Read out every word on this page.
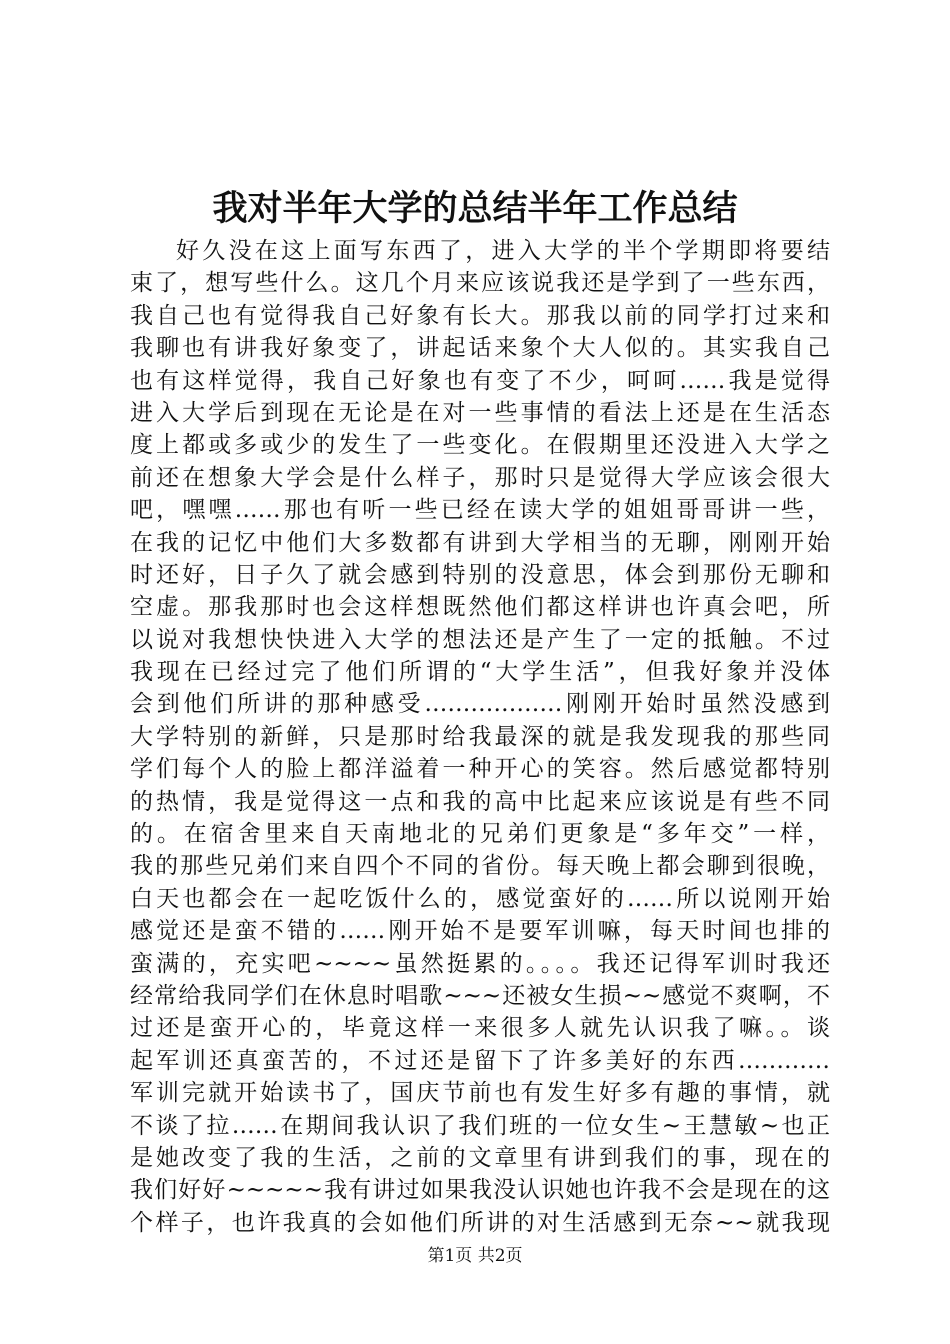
我对半年大学的总结半年工作总结
好久没在这上面写东西了，进入大学的半个学期即将要结
束了，想写些什么。这几个月来应该说我还是学到了一些东西，
我自己也有觉得我自己好象有长大。那我以前的同学打过来和
我聊也有讲我好象变了，讲起话来象个大人似的。其实我自己
也有这样觉得，我自己好象也有变了不少，呵呵……我是觉得
进入大学后到现在无论是在对一些事情的看法上还是在生活态
度上都或多或少的发生了一些变化。在假期里还没进入大学之
前还在想象大学会是什么样子，那时只是觉得大学应该会很大
吧，嘿嘿……那也有听一些已经在读大学的姐姐哥哥讲一些，
在我的记忆中他们大多数都有讲到大学相当的无聊，刚刚开始
时还好，日子久了就会感到特别的没意思，体会到那份无聊和
空虚。那我那时也会这样想既然他们都这样讲也许真会吧，所
以说对我想快快进入大学的想法还是产生了一定的抵触。不过
我现在已经过完了他们所谓的“大学生活”，但我好象并没体
会到他们所讲的那种感受………………刚刚开始时虽然没感到
大学特别的新鲜，只是那时给我最深的就是我发现我的那些同
学们每个人的脸上都洋溢着一种开心的笑容。然后感觉都特别
的热情，我是觉得这一点和我的高中比起来应该说是有些不同
的。在宿舍里来自天南地北的兄弟们更象是“多年交”一样，
我的那些兄弟们来自四个不同的省份。每天晚上都会聊到很晚，
白天也都会在一起吃饭什么的，感觉蛮好的……所以说刚开始
感觉还是蛮不错的……刚开始不是要军训嘛，每天时间也排的
蛮满的，充实吧~~~~虽然挺累的。。。。我还记得军训时我还
经常给我同学们在休息时唱歌~~~还被女生损~~感觉不爽啊，不
过还是蛮开心的，毕竟这样一来很多人就先认识我了嘛。。谈
起军训还真蛮苦的，不过还是留下了许多美好的东西…………
军训完就开始读书了，国庆节前也有发生好多有趣的事情，就
不谈了拉……在期间我认识了我们班的一位女生~王慧敏~也正
是她改变了我的生活，之前的文章里有讲到我们的事，现在的
我们好好~~~~~我有讲过如果我没认识她也许我不会是现在的这
个样子，也许我真的会如他们所讲的对生活感到无奈~~就我现
第1页 共2页
